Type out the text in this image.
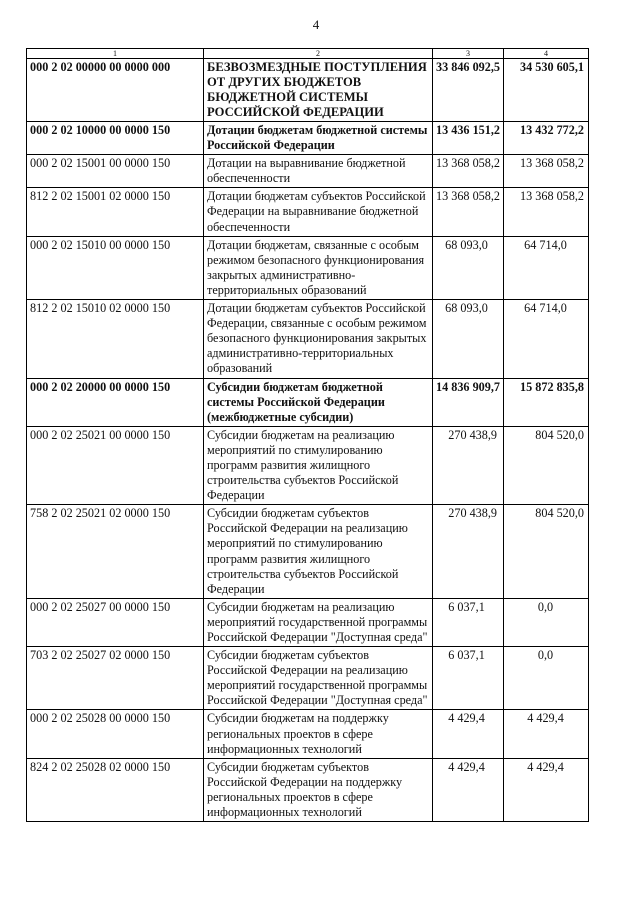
4
1	2	3	4
000 2 02 00000 00 0000 000	БЕЗВОЗМЕЗДНЫЕ ПОСТУПЛЕНИЯ ОТ ДРУГИХ БЮДЖЕТОВ БЮДЖЕТНОЙ СИСТЕМЫ РОССИЙСКОЙ ФЕДЕРАЦИИ	33 846 092,5	34 530 605,1
000 2 02 10000 00 0000 150	Дотации бюджетам бюджетной системы Российской Федерации	13 436 151,2	13 432 772,2
000 2 02 15001 00 0000 150	Дотации на выравнивание бюджетной обеспеченности	13 368 058,2	13 368 058,2
812 2 02 15001 02 0000 150	Дотации бюджетам субъектов Российской Федерации на выравнивание бюджетной обеспеченности	13 368 058,2	13 368 058,2
000 2 02 15010 00 0000 150	Дотации бюджетам, связанные с особым режимом безопасного функционирования закрытых административно-территориальных образований	68 093,0	64 714,0
812 2 02 15010 02 0000 150	Дотации бюджетам субъектов Российской Федерации, связанные с особым режимом безопасного функционирования закрытых административно-территориальных образований	68 093,0	64 714,0
000 2 02 20000 00 0000 150	Субсидии бюджетам бюджетной системы Российской Федерации (межбюджетные субсидии)	14 836 909,7	15 872 835,8
000 2 02 25021 00 0000 150	Субсидии бюджетам на реализацию мероприятий по стимулированию программ развития жилищного строительства субъектов Российской Федерации	270 438,9	804 520,0
758 2 02 25021 02 0000 150	Субсидии бюджетам субъектов Российской Федерации на реализацию мероприятий по стимулированию программ развития жилищного строительства субъектов Российской Федерации	270 438,9	804 520,0
000 2 02 25027 00 0000 150	Субсидии бюджетам на реализацию мероприятий государственной программы Российской Федерации "Доступная среда"	6 037,1	0,0
703 2 02 25027 02 0000 150	Субсидии бюджетам субъектов Российской Федерации на реализацию мероприятий государственной программы Российской Федерации "Доступная среда"	6 037,1	0,0
000 2 02 25028 00 0000 150	Субсидии бюджетам на поддержку региональных проектов в сфере информационных технологий	4 429,4	4 429,4
824 2 02 25028 02 0000 150	Субсидии бюджетам субъектов Российской Федерации на поддержку региональных проектов в сфере информационных технологий	4 429,4	4 429,4
